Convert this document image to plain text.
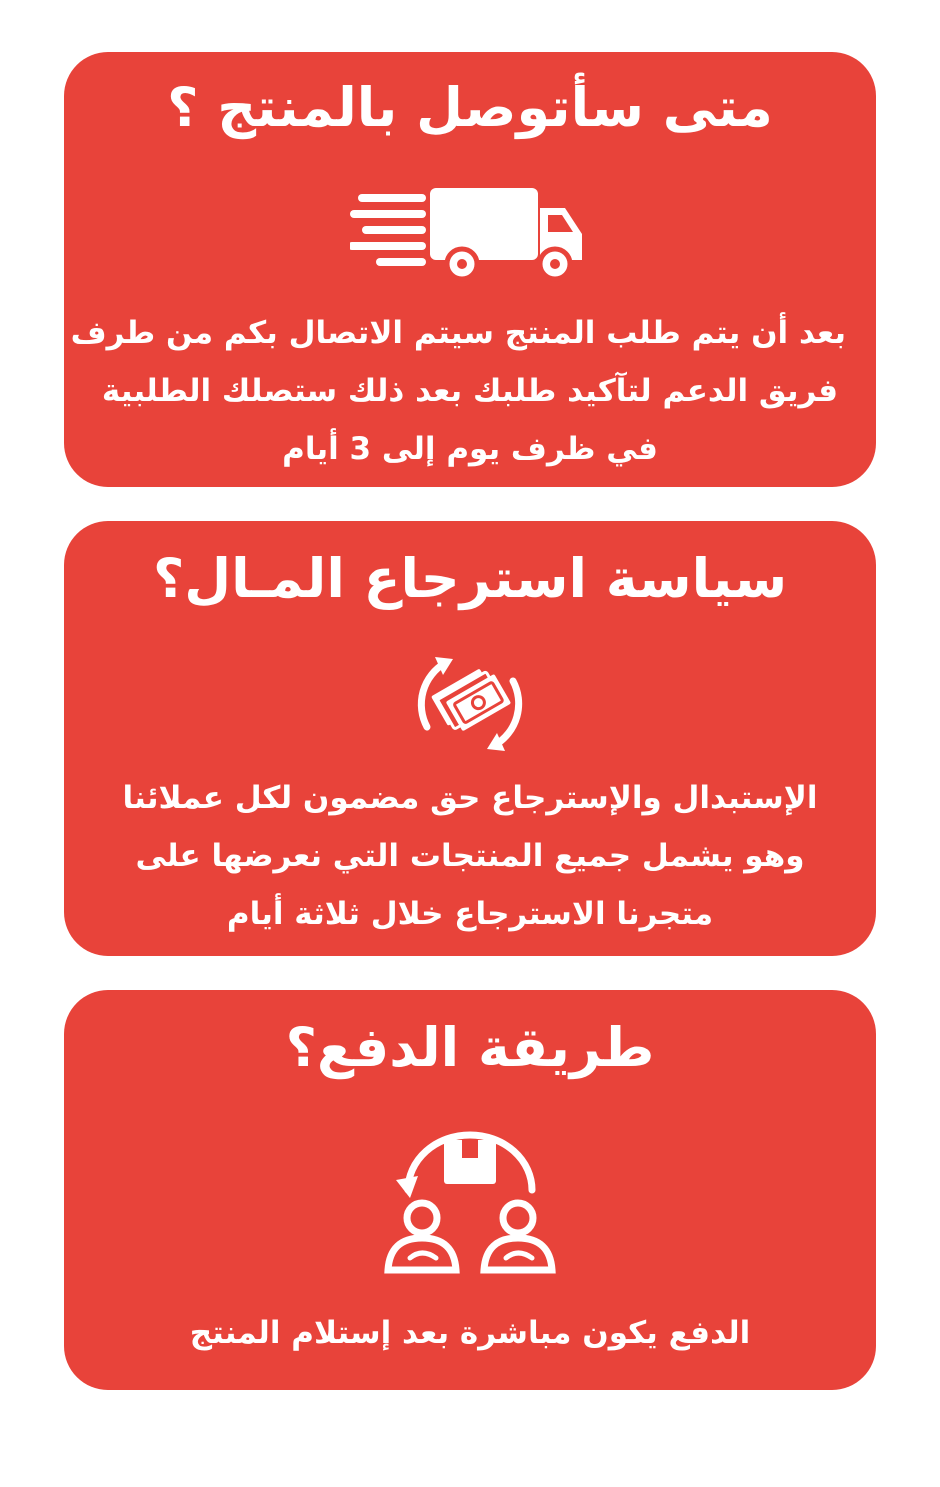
متى سأتوصل بالمنتج ؟
بعد أن يتم طلب المنتج سيتم الاتصال بكم من طرف
فريق الدعم لتآكيد طلبك بعد ذلك ستصلك الطلبية
في ظرف يوم إلى 3 أيام
سياسة استرجاع المـال؟
الإستبدال والإسترجاع حق مضمون لكل عملائنا
وهو يشمل جميع المنتجات التي نعرضها على
متجرنا الاسترجاع خلال ثلاثة أيام
طريقة الدفع؟
الدفع يكون مباشرة بعد إستلام المنتج
